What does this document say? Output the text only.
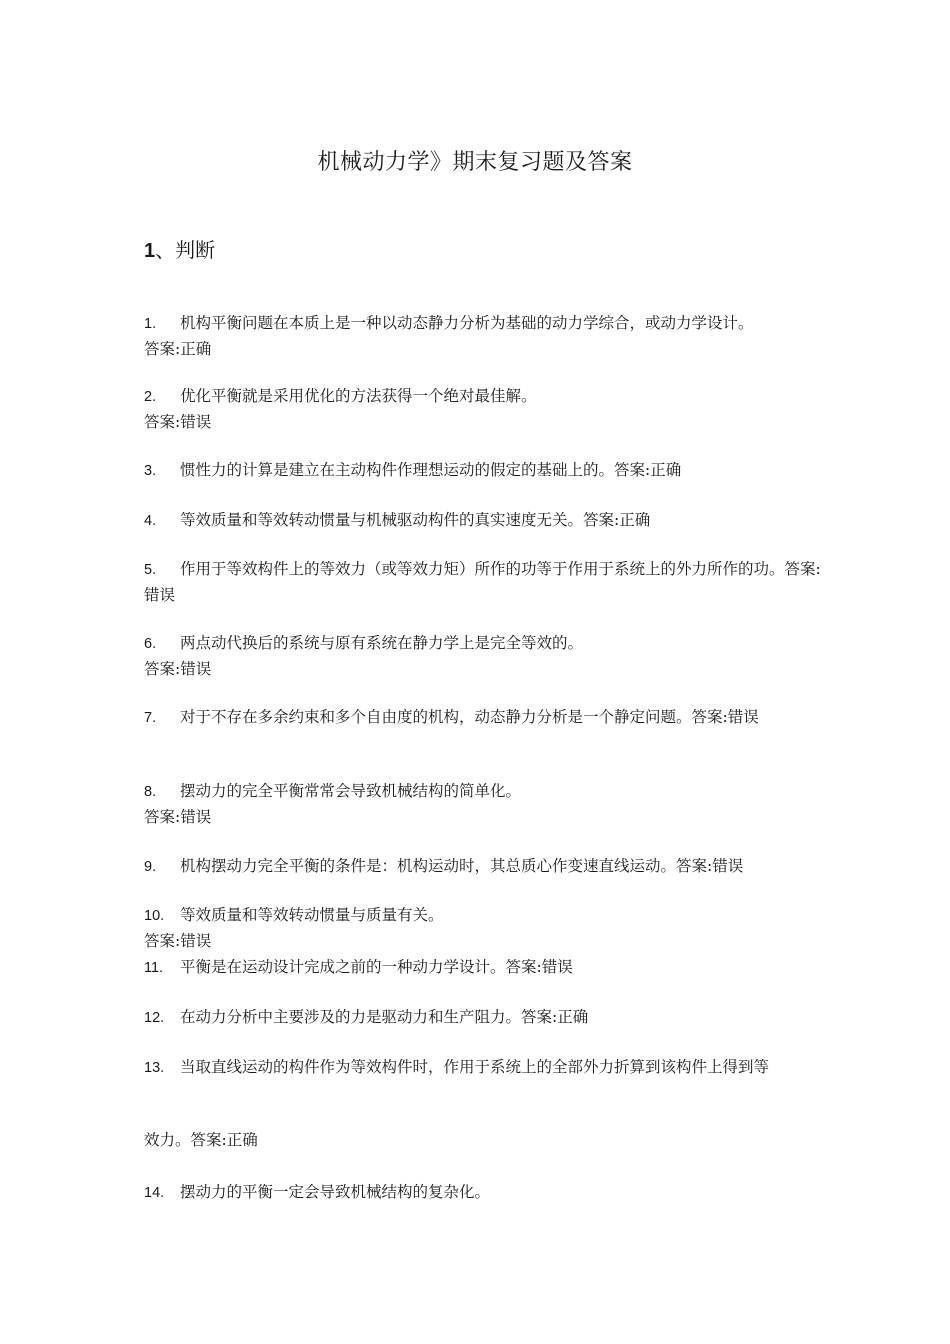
机械动力学》期末复习题及答案
1、判断
1. 机构平衡问题在本质上是一种以动态静力分析为基础的动力学综合，或动力学设计。
答案:正确
2. 优化平衡就是采用优化的方法获得一个绝对最佳解。
答案:错误
3. 惯性力的计算是建立在主动构件作理想运动的假定的基础上的。答案:正确
4. 等效质量和等效转动惯量与机械驱动构件的真实速度无关。答案:正确
5. 作用于等效构件上的等效力（或等效力矩）所作的功等于作用于系统上的外力所作的功。答案:错误
6. 两点动代换后的系统与原有系统在静力学上是完全等效的。
答案:错误
7. 对于不存在多余约束和多个自由度的机构，动态静力分析是一个静定问题。答案:错误
8. 摆动力的完全平衡常常会导致机械结构的简单化。
答案:错误
9. 机构摆动力完全平衡的条件是：机构运动时，其总质心作变速直线运动。答案:错误
10. 等效质量和等效转动惯量与质量有关。
答案:错误
11. 平衡是在运动设计完成之前的一种动力学设计。答案:错误
12. 在动力分析中主要涉及的力是驱动力和生产阻力。答案:正确
13. 当取直线运动的构件作为等效构件时，作用于系统上的全部外力折算到该构件上得到等
效力。答案:正确
14. 摆动力的平衡一定会导致机械结构的复杂化。
